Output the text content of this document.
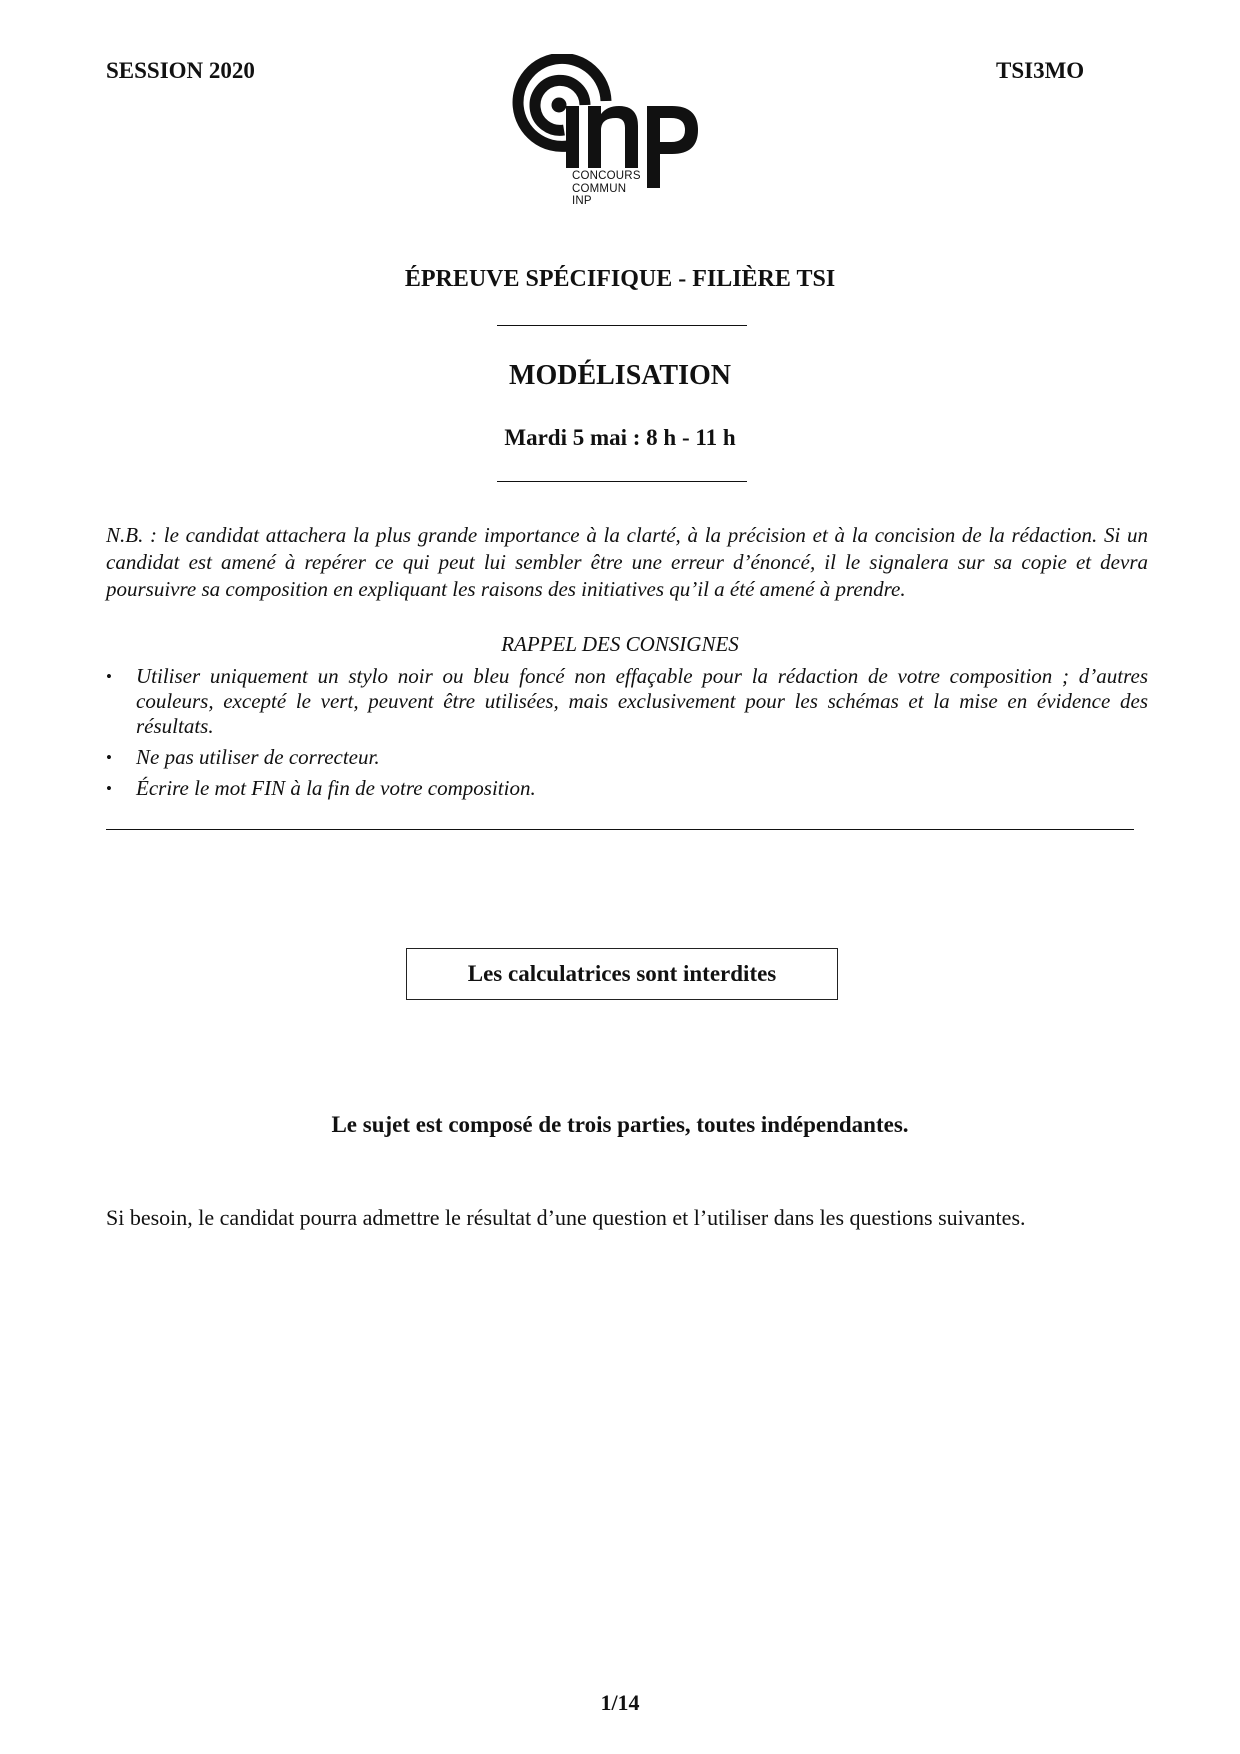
SESSION 2020	TSI3MO
CONCOURS
COMMUN
INP
ÉPREUVE SPÉCIFIQUE - FILIÈRE TSI
MODÉLISATION
Mardi 5 mai : 8 h - 11 h
N.B. : le candidat attachera la plus grande importance à la clarté, à la précision et à la concision de la rédaction. Si un candidat est amené à repérer ce qui peut lui sembler être une erreur d’énoncé, il le signalera sur sa copie et devra poursuivre sa composition en expliquant les raisons des initiatives qu’il a été amené à prendre.
RAPPEL DES CONSIGNES
• Utiliser uniquement un stylo noir ou bleu foncé non effaçable pour la rédaction de votre composition ; d’autres couleurs, excepté le vert, peuvent être utilisées, mais exclusivement pour les schémas et la mise en évidence des résultats.
• Ne pas utiliser de correcteur.
• Écrire le mot FIN à la fin de votre composition.
Les calculatrices sont interdites
Le sujet est composé de trois parties, toutes indépendantes.
Si besoin, le candidat pourra admettre le résultat d’une question et l’utiliser dans les questions suivantes.
1/14
